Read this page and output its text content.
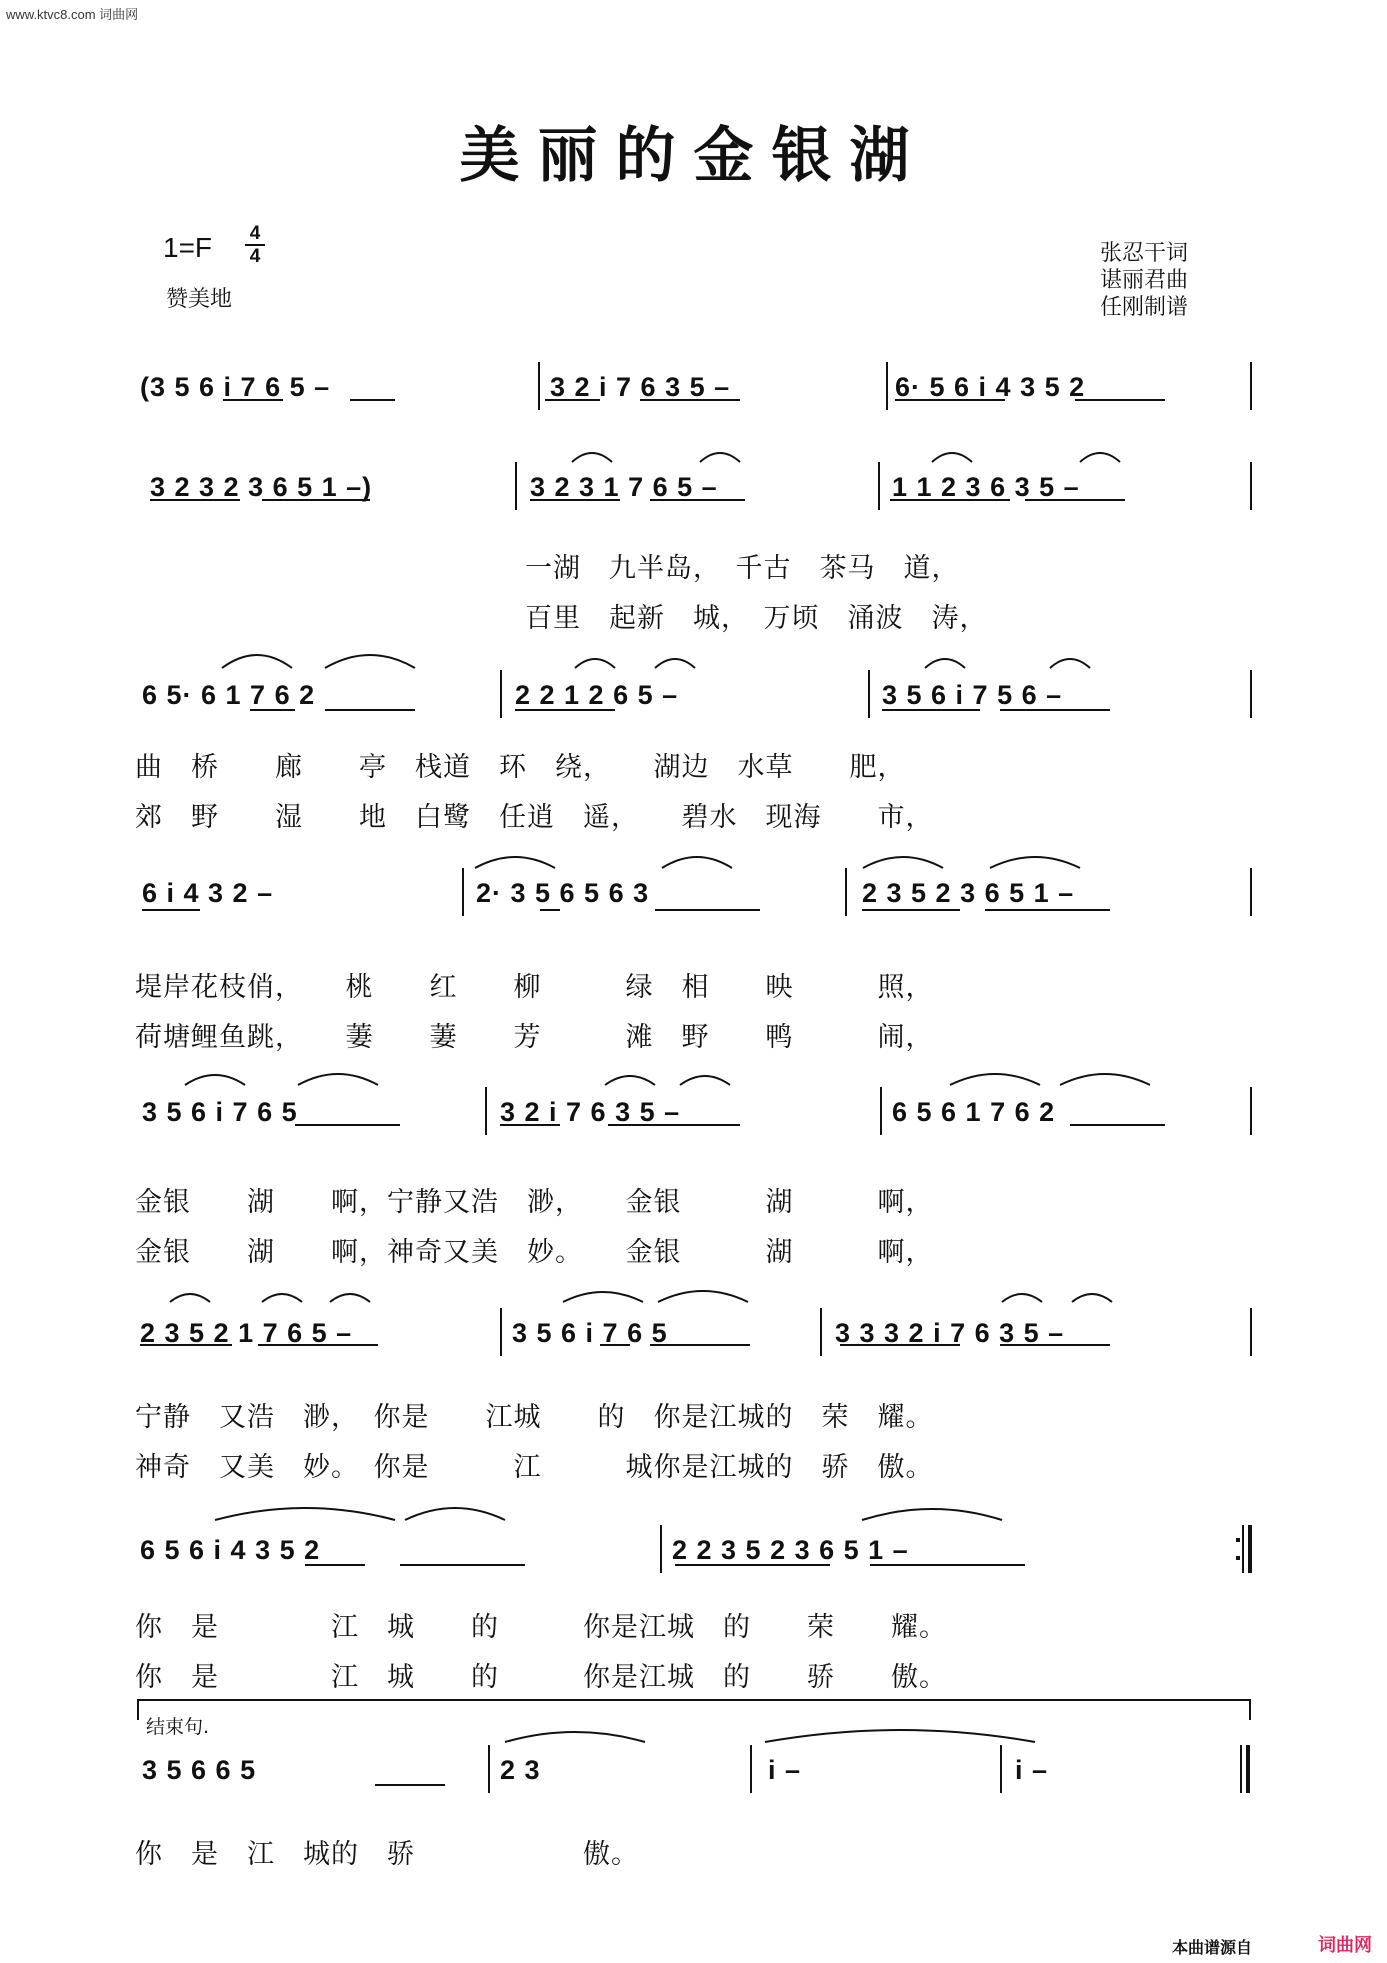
www.ktvc8.com 词曲网
美丽的金银湖
1=F 4
4
赞美地
张忍干词
谌丽君曲
任刚制谱
(3 5 6 i 7 6 5 –	3 2 i 7 6 3 5 –	6· 5 6 i 4 3 5 2
3 2 3 2 3 6 5 1 –)	3 2 3 1 7 6 5 –	1 1 2 3 6 3 5 –
一湖　九半岛，　千古　茶马　道，
百里　起新　城，　万顷　涌波　涛，
6 5· 6 1 7 6 2	2 2 1 2 6 5 –	3 5 6 i 7 5 6 –
曲　桥　　廊　　亭　栈道　环　绕，　　湖边　水草　　肥，
郊　野　　湿　　地　白鹭　任逍　遥，　　碧水　现海　　市，
6 i 4 3 2 –	2· 3 5 6 5 6 3	2 3 5 2 3 6 5 1 –
堤岸花枝俏，　　桃　　红　　柳　　　绿　相　　映　　　照，
荷塘鲤鱼跳，　　萋　　萋　　芳　　　滩　野　　鸭　　　闹，
3 5 6 i 7 6 5	3 2 i 7 6 3 5 –	6 5 6 1 7 6 2
金银　　湖　　啊，宁静又浩　渺，　　金银　　　湖　　　啊，
金银　　湖　　啊，神奇又美　妙。　　金银　　　湖　　　啊，
2 3 5 2 1 7 6 5 –	3 5 6 i 7 6 5	3 3 3 2 i 7 6 3 5 –
宁静　又浩　渺，　你是　　江城　　的　你是江城的　荣　耀。
神奇　又美　妙。　你是　　　江　　　城你是江城的　骄　傲。
6 5 6 i 4 3 5 2	2 2 3 5 2 3 6 5 1 –
你　是　　　　江　城　　的　　　你是江城　的　　荣　　耀。
你　是　　　　江　城　　的　　　你是江城　的　　骄　　傲。
结束句.
3 5 6 6 5	2 3	i –	i –
你　是　江　城的　骄　　　　　　傲。
本曲谱源自	词曲网
